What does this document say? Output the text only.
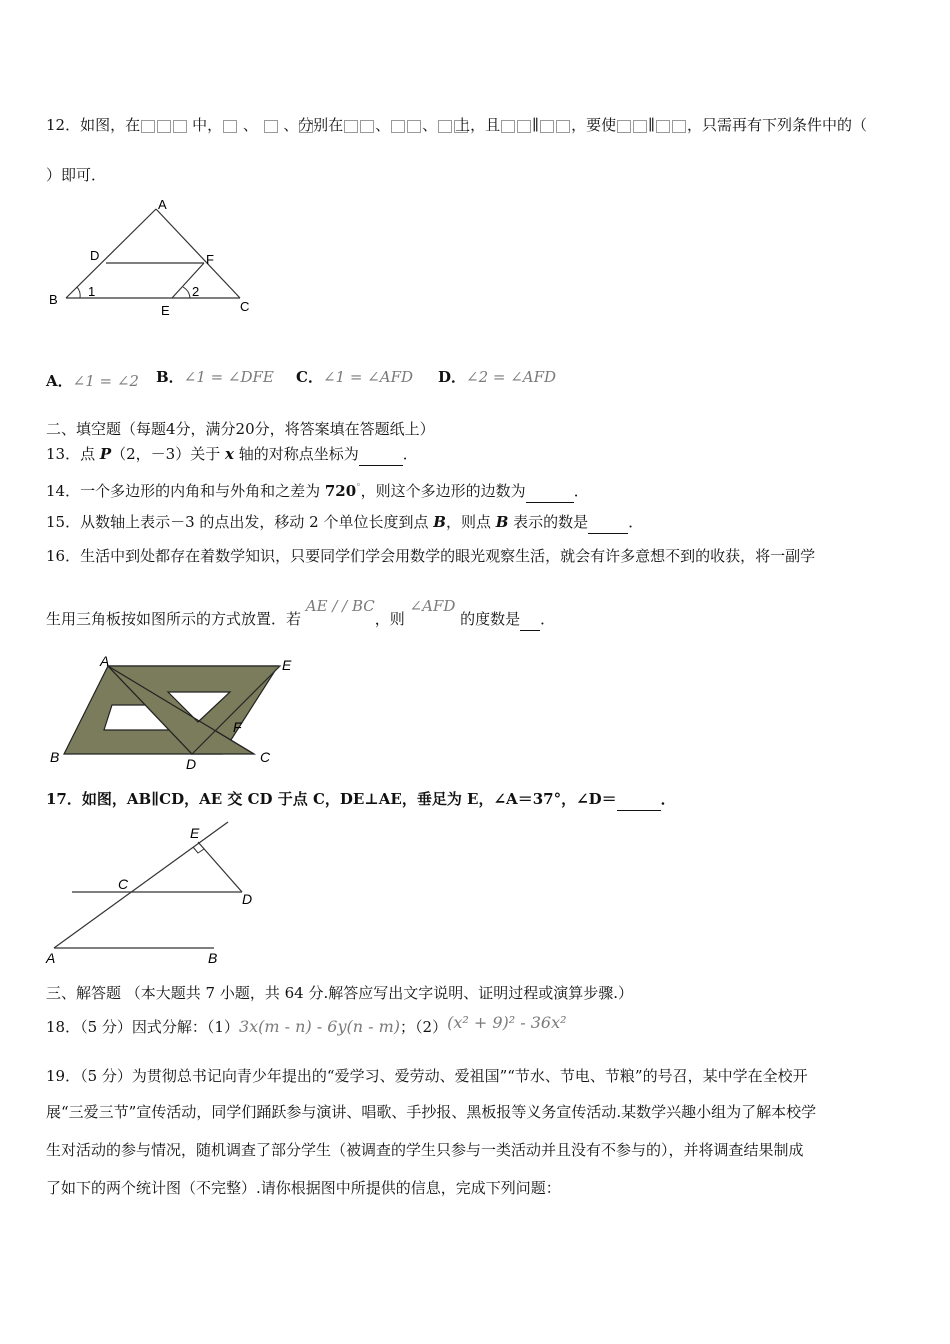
12．如图，在	中， 、  、分别在 、 、 上，且 ∥ ，要使 ∥ ，只需再有下列条件中的（
）即可．
A
D	F
B
E	C
1	2
A．∠1 = ∠2 B．∠1 = ∠DFE C．∠1 = ∠AFD D．∠2 = ∠AFD
二、填空题（每题4分，满分20分，将答案填在答题纸上）
13．点 P（2，－3）关于 x 轴的对称点坐标为	．
14．一个多边形的内角和与外角和之差为 720°，则这个多边形的边数为	．
15．从数轴上表示－3 的点出发，移动 2 个单位长度到点 B，则点 B 表示的数是	．
16．生活中到处都存在着数学知识，只要同学们学会用数学的眼光观察生活，就会有许多意想不到的收获，将一副学
生用三角板按如图所示的方式放置．若 AE / / BC，则 ∠AFD 的度数是 ．
A	E
F
B	D	C
17．如图，AB∥CD，AE 交 CD 于点 C，DE⊥AE，垂足为 E，∠A＝37°，∠D＝	．
E
C
D
A	B
三、解答题 （本大题共 7 小题，共 64 分.解答应写出文字说明、证明过程或演算步骤.）
18．（5 分）因式分解：（1）3x(m - n) - 6y(n - m)；（2）(x² + 9)² - 36x²
19．（5 分）为贯彻总书记向青少年提出的“爱学习、爱劳动、爱祖国”“节水、节电、节粮”的号召，某中学在全校开
展“三爱三节”宣传活动，同学们踊跃参与演讲、唱歌、手抄报、黑板报等义务宣传活动.某数学兴趣小组为了解本校学
生对活动的参与情况，随机调查了部分学生（被调查的学生只参与一类活动并且没有不参与的），并将调查结果制成
了如下的两个统计图（不完整）.请你根据图中所提供的信息，完成下列问题：
